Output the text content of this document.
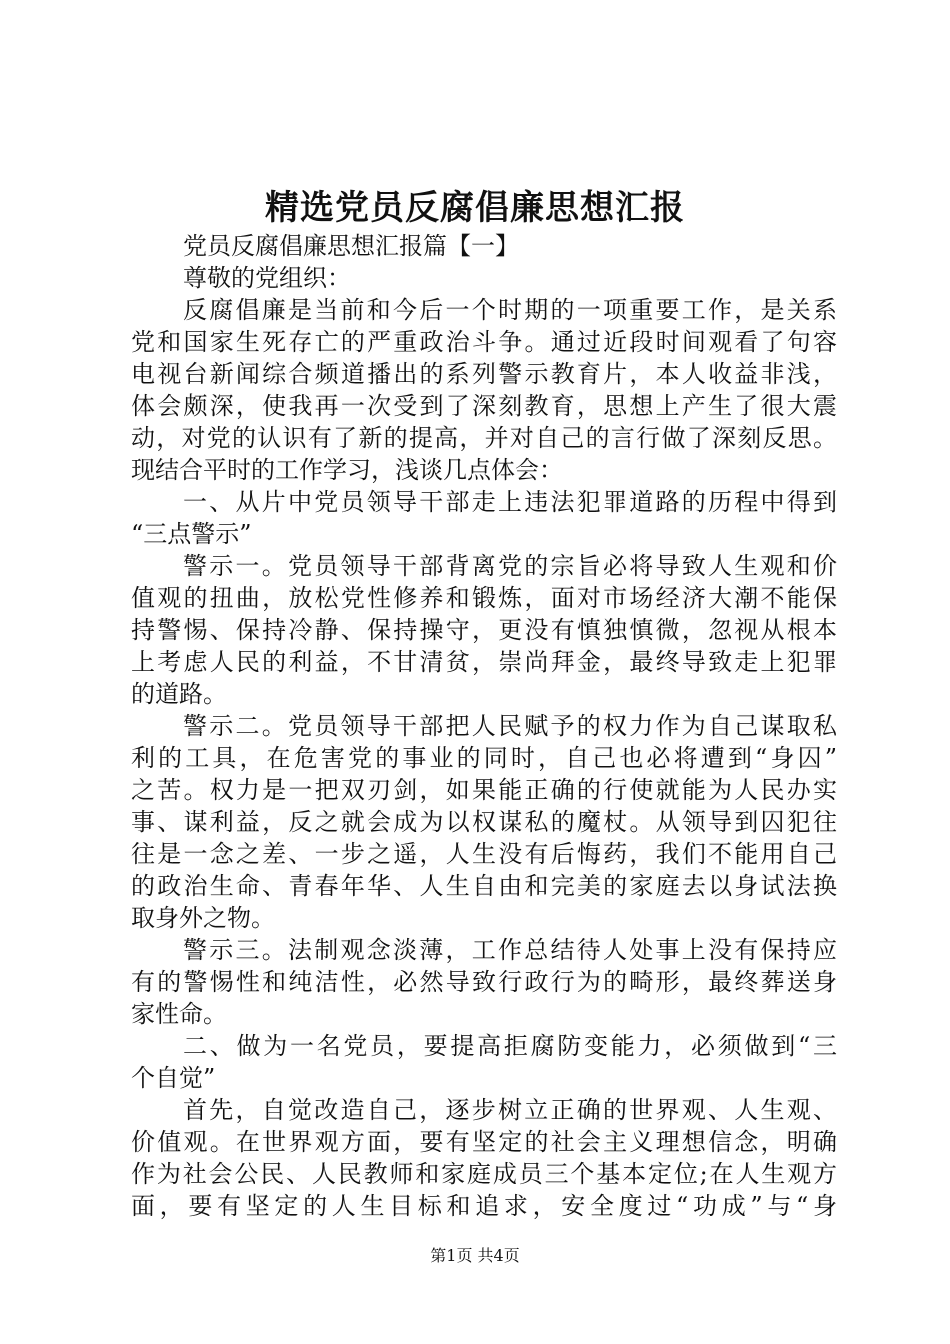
精选党员反腐倡廉思想汇报
党员反腐倡廉思想汇报篇【一】
尊敬的党组织：
反腐倡廉是当前和今后一个时期的一项重要工作，是关系
党和国家生死存亡的严重政治斗争。通过近段时间观看了句容
电视台新闻综合频道播出的系列警示教育片，本人收益非浅，
体会颇深，使我再一次受到了深刻教育，思想上产生了很大震
动，对党的认识有了新的提高，并对自己的言行做了深刻反思。
现结合平时的工作学习，浅谈几点体会：
一、从片中党员领导干部走上违法犯罪道路的历程中得到
“三点警示”
警示一。党员领导干部背离党的宗旨必将导致人生观和价
值观的扭曲，放松党性修养和锻炼，面对市场经济大潮不能保
持警惕、保持冷静、保持操守，更没有慎独慎微，忽视从根本
上考虑人民的利益，不甘清贫，崇尚拜金，最终导致走上犯罪
的道路。
警示二。党员领导干部把人民赋予的权力作为自己谋取私
利的工具，在危害党的事业的同时，自己也必将遭到“身囚”
之苦。权力是一把双刃剑，如果能正确的行使就能为人民办实
事、谋利益，反之就会成为以权谋私的魔杖。从领导到囚犯往
往是一念之差、一步之遥，人生没有后悔药，我们不能用自己
的政治生命、青春年华、人生自由和完美的家庭去以身试法换
取身外之物。
警示三。法制观念淡薄，工作总结待人处事上没有保持应
有的警惕性和纯洁性，必然导致行政行为的畸形，最终葬送身
家性命。
二、做为一名党员，要提高拒腐防变能力，必须做到“三
个自觉”
首先，自觉改造自己，逐步树立正确的世界观、人生观、
价值观。在世界观方面，要有坚定的社会主义理想信念，明确
作为社会公民、人民教师和家庭成员三个基本定位;在人生观方
面，要有坚定的人生目标和追求，安全度过“功成”与“身
第1页 共4页
